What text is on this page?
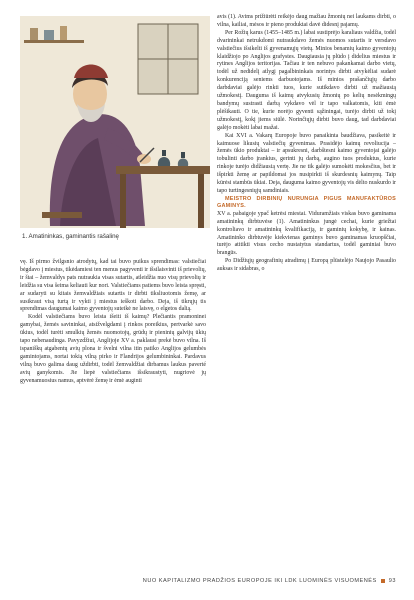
1. Amatininkas, gaminantis rašalinę

vę. Iš pirmo žvilgsnio atrodytų, kad tai buvo puikus sprendimas: valstiečiai bėgdavo į miestus, tikėdamiesi ten menus pagyventi ir išsilaisvinti iš prievolių, ir štai – žemvaldys pats nutraukia visas sutartis, atleidžia nuo visų prievolių ir leidžia su visa šeima keliauti kur nori. Valstiečiams patiems buvo leista spręsti, ar sudaryti su kitais žemvaldžiais sutartis ir dirbti tiksliuotomis žemę, ar susikraut visą turtą ir vykti į miestus ieškoti darbo. Deja, iš tikrųjų tis sprendimas daugumai kaimo gyventojų suteikė ne laisvę, o elgetos dalią.

Kodėl valstiečiams buvo leista išeiti iš kaimų? Plečiantis pramoninei gamybai, žemės savininkai, atsižvelgdami į rinkos poreikius, pertvarkė savo ūkius, todėl turėti smulkių žemės nuomotojų, grūdų ir pieninių galvijų ūkių tapo nebenaudinga. Pavyzdžiui, Anglijoje XV a. paklausi prekė buvo vilna. Iš ispaniškų atgabentų avių plona ir švelni vilna itin patiko Anglijos gelumbės gamintojams, nortai tokią vilną pirko ir Flandrijos gelumbininkai. Pardavus vilną buvo galima daug uždirbti, todėl žemvaldžiai dirbamus laukus paverté avių ganykomis. Jie liepė valstiečiams išsikraustyti, nugriovė jų gyvenamuosius namus, aptvėrė žemę ir ėmė auginti

avis (1). Avims prižiūrėti reikėjo daug mažiau žmonių nei laukams dirbti, o vilna, kailiai, mėsos ir pieno produktai davė didesnį pajamų.

Per Rožių karus (1455–1485 m.) labai sustiprėjo karaliaus valdžia, todėl dvarininkai netrukdomi nutraukdavo žemės nuomos sutartis ir versdavo valstiečius išsikelti iš gyvenamųjų vietų. Minios benamių kaimo gyventojų klaidžiojo po Anglijos grafystes. Daugiausia jų plūdo į didelius miestus ir rytines Anglijos teritorijas. Tačiau ir ten nebuvo pakankamai darbo vietų, todėl už nedidelį atlygį pagalbininkais norintys dirbti atvykėliai sudarė konkurenciją seniems darbuotojams. Iš minios prašančiųjų darbo darbdaviai galėjo rinkti tuos, kurie sutikdavo dirbti už mažiausią užmokestį. Dauguma iš kaimų atvykusių žmonių po kelių nesėkmingų bandymų sustrasti darbą vykdavo vėl ir tapo valkatomis, kiti ėmė plėšikauti. O tie, kurie norėjo gyventi sąžiningai, turėjo dirbti už tokį užmokestį, kokį jiems siūlė. Norinčiųjų dirbti buvo daug, tad darbdaviai galėjo mokėti labai mažai.

Kai XVI a. Vakarų Europoje buvo panaikinta baudžiava, pasikeitė ir kaimuose likusių valstiečių gyvenimas. Prasidėjo kaimų revoliucija – žemės ūkio produktai – ir apsukresni, darbštesni kaimo gyventojai galėjo tobulinti darbo įrankius, gerinti jų darbą, augino tuos produktus, kurie rinkoje turėjo didžiausią vertę. Jie ne tik galėjo sumokėti mokesčius, bet ir išpirkti žemę ar papildomai jos nusipirkti iš skurdesnių kaimynų. Taip kūrėsi stambūs ūkiai. Deja, dauguma kaimo gyventojų vis dėlto nuskurdo ir tapo turtingesniųjų samdiniais.

MEISTRO DIRBINIŲ NURUNGIA PIGUS MANUFAKTŪROS GAMINYS.

XV a. pabaigoje ypač ketrėsi miestai. Viduramžiais viskas buvo gaminama amatininkų dirbtuvėse (1). Amatininkus jungė cechai, kurie griežtai kontroliavo ir amatininkų kvalifikaciją, ir gaminių kokybę, ir kainas. Amatininko dirbtuvėje kiekvienas gaminys buvo gaminamas kruopščiai, turėjo atitikti visus cecho nustatytus standartus, todėl gaminiai buvo brangūs.

Po Didžiųjų geografinių atradimų į Europą plūstelėjo Naujojo Pasaulio auksas ir sidabras, o

NUO KAPITALIZMO PRADŽIOS EUROPOJE IKI LDK LUOMINĖS VISUOMENĖS 93
